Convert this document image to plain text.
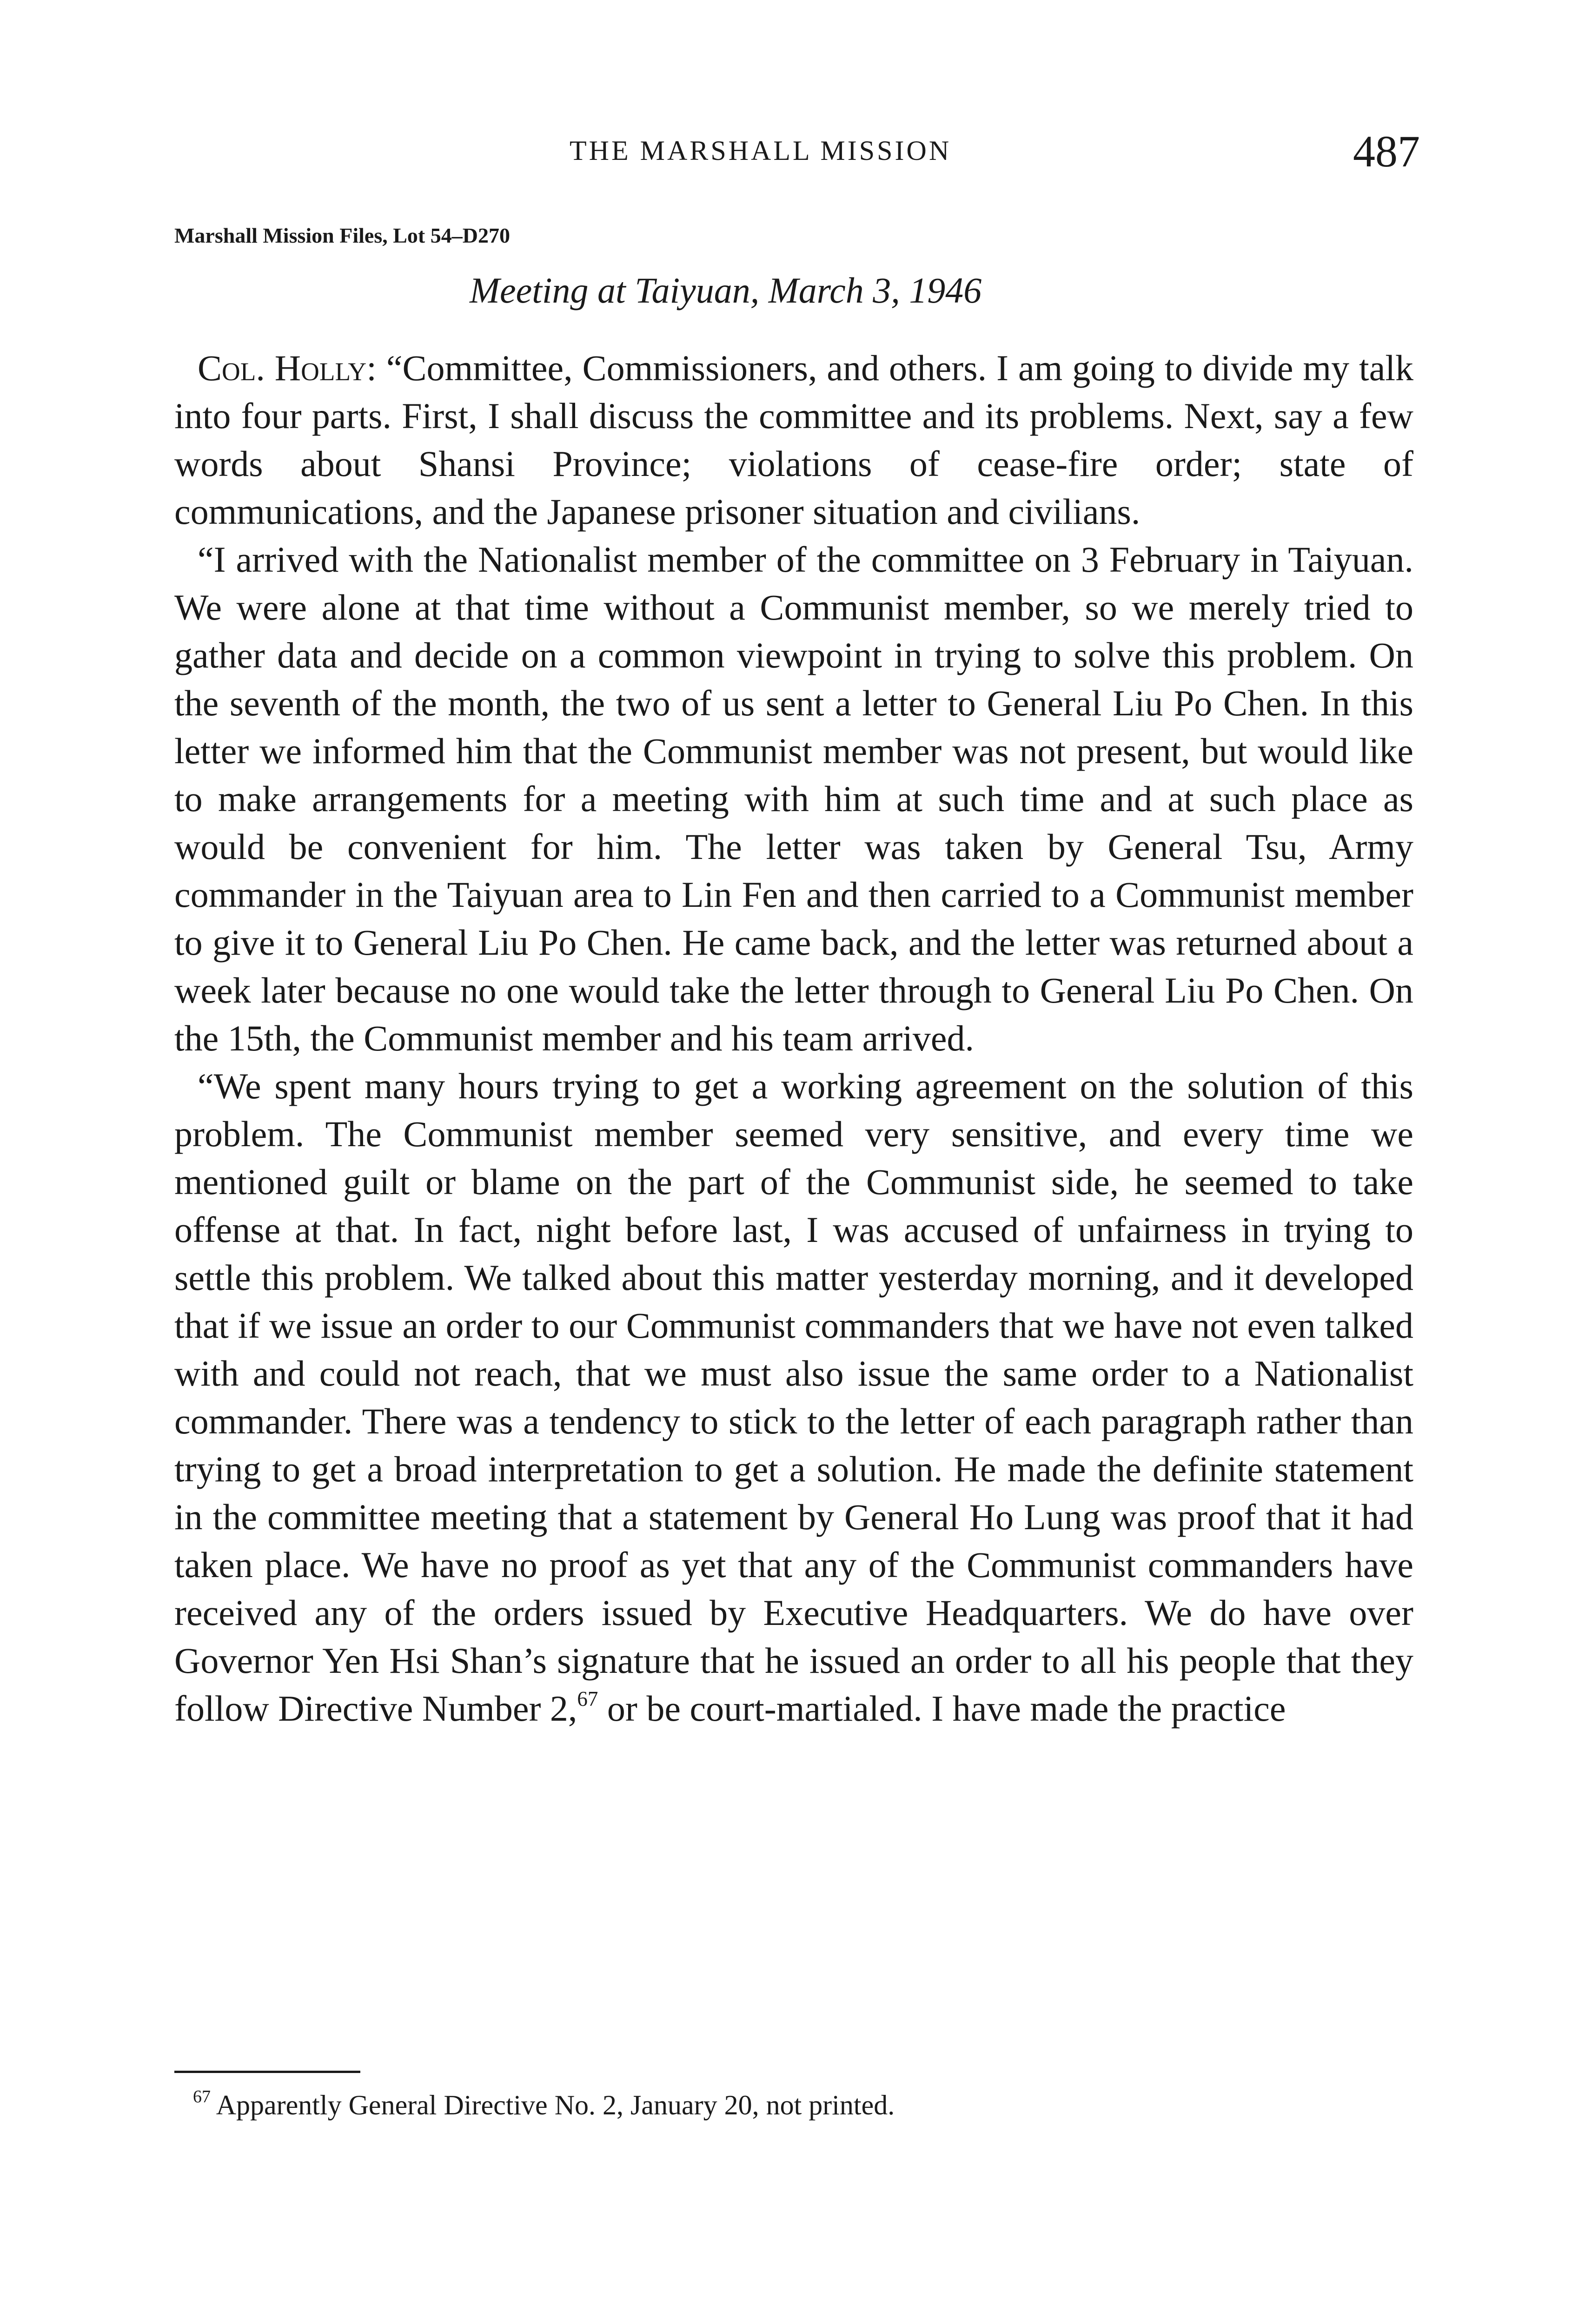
THE MARSHALL MISSION	487
Marshall Mission Files, Lot 54–D270
Meeting at Taiyuan, March 3, 1946

Col. Holly: “Committee, Commissioners, and others. I am going to divide my talk into four parts. First, I shall discuss the committee and its problems. Next, say a few words about Shansi Province; violations of cease-fire order; state of communications, and the Japanese prisoner situation and civilians.

“I arrived with the Nationalist member of the committee on 3 February in Taiyuan. We were alone at that time without a Communist member, so we merely tried to gather data and decide on a common viewpoint in trying to solve this problem. On the seventh of the month, the two of us sent a letter to General Liu Po Chen. In this letter we informed him that the Communist member was not present, but would like to make arrangements for a meeting with him at such time and at such place as would be convenient for him. The letter was taken by General Tsu, Army commander in the Taiyuan area to Lin Fen and then carried to a Communist member to give it to General Liu Po Chen. He came back, and the letter was returned about a week later because no one would take the letter through to General Liu Po Chen. On the 15th, the Communist member and his team arrived.

“We spent many hours trying to get a working agreement on the solution of this problem. The Communist member seemed very sensitive, and every time we mentioned guilt or blame on the part of the Communist side, he seemed to take offense at that. In fact, night before last, I was accused of unfairness in trying to settle this problem. We talked about this matter yesterday morning, and it developed that if we issue an order to our Communist commanders that we have not even talked with and could not reach, that we must also issue the same order to a Nationalist commander. There was a tendency to stick to the letter of each paragraph rather than trying to get a broad interpretation to get a solution. He made the definite statement in the committee meeting that a statement by General Ho Lung was proof that it had taken place. We have no proof as yet that any of the Communist commanders have received any of the orders issued by Executive Headquarters. We do have over Governor Yen Hsi Shan’s signature that he issued an order to all his people that they follow Directive Number 2,67 or be court-martialed. I have made the practice

$^{67}$ Apparently General Directive No. 2, January 20, not printed.
